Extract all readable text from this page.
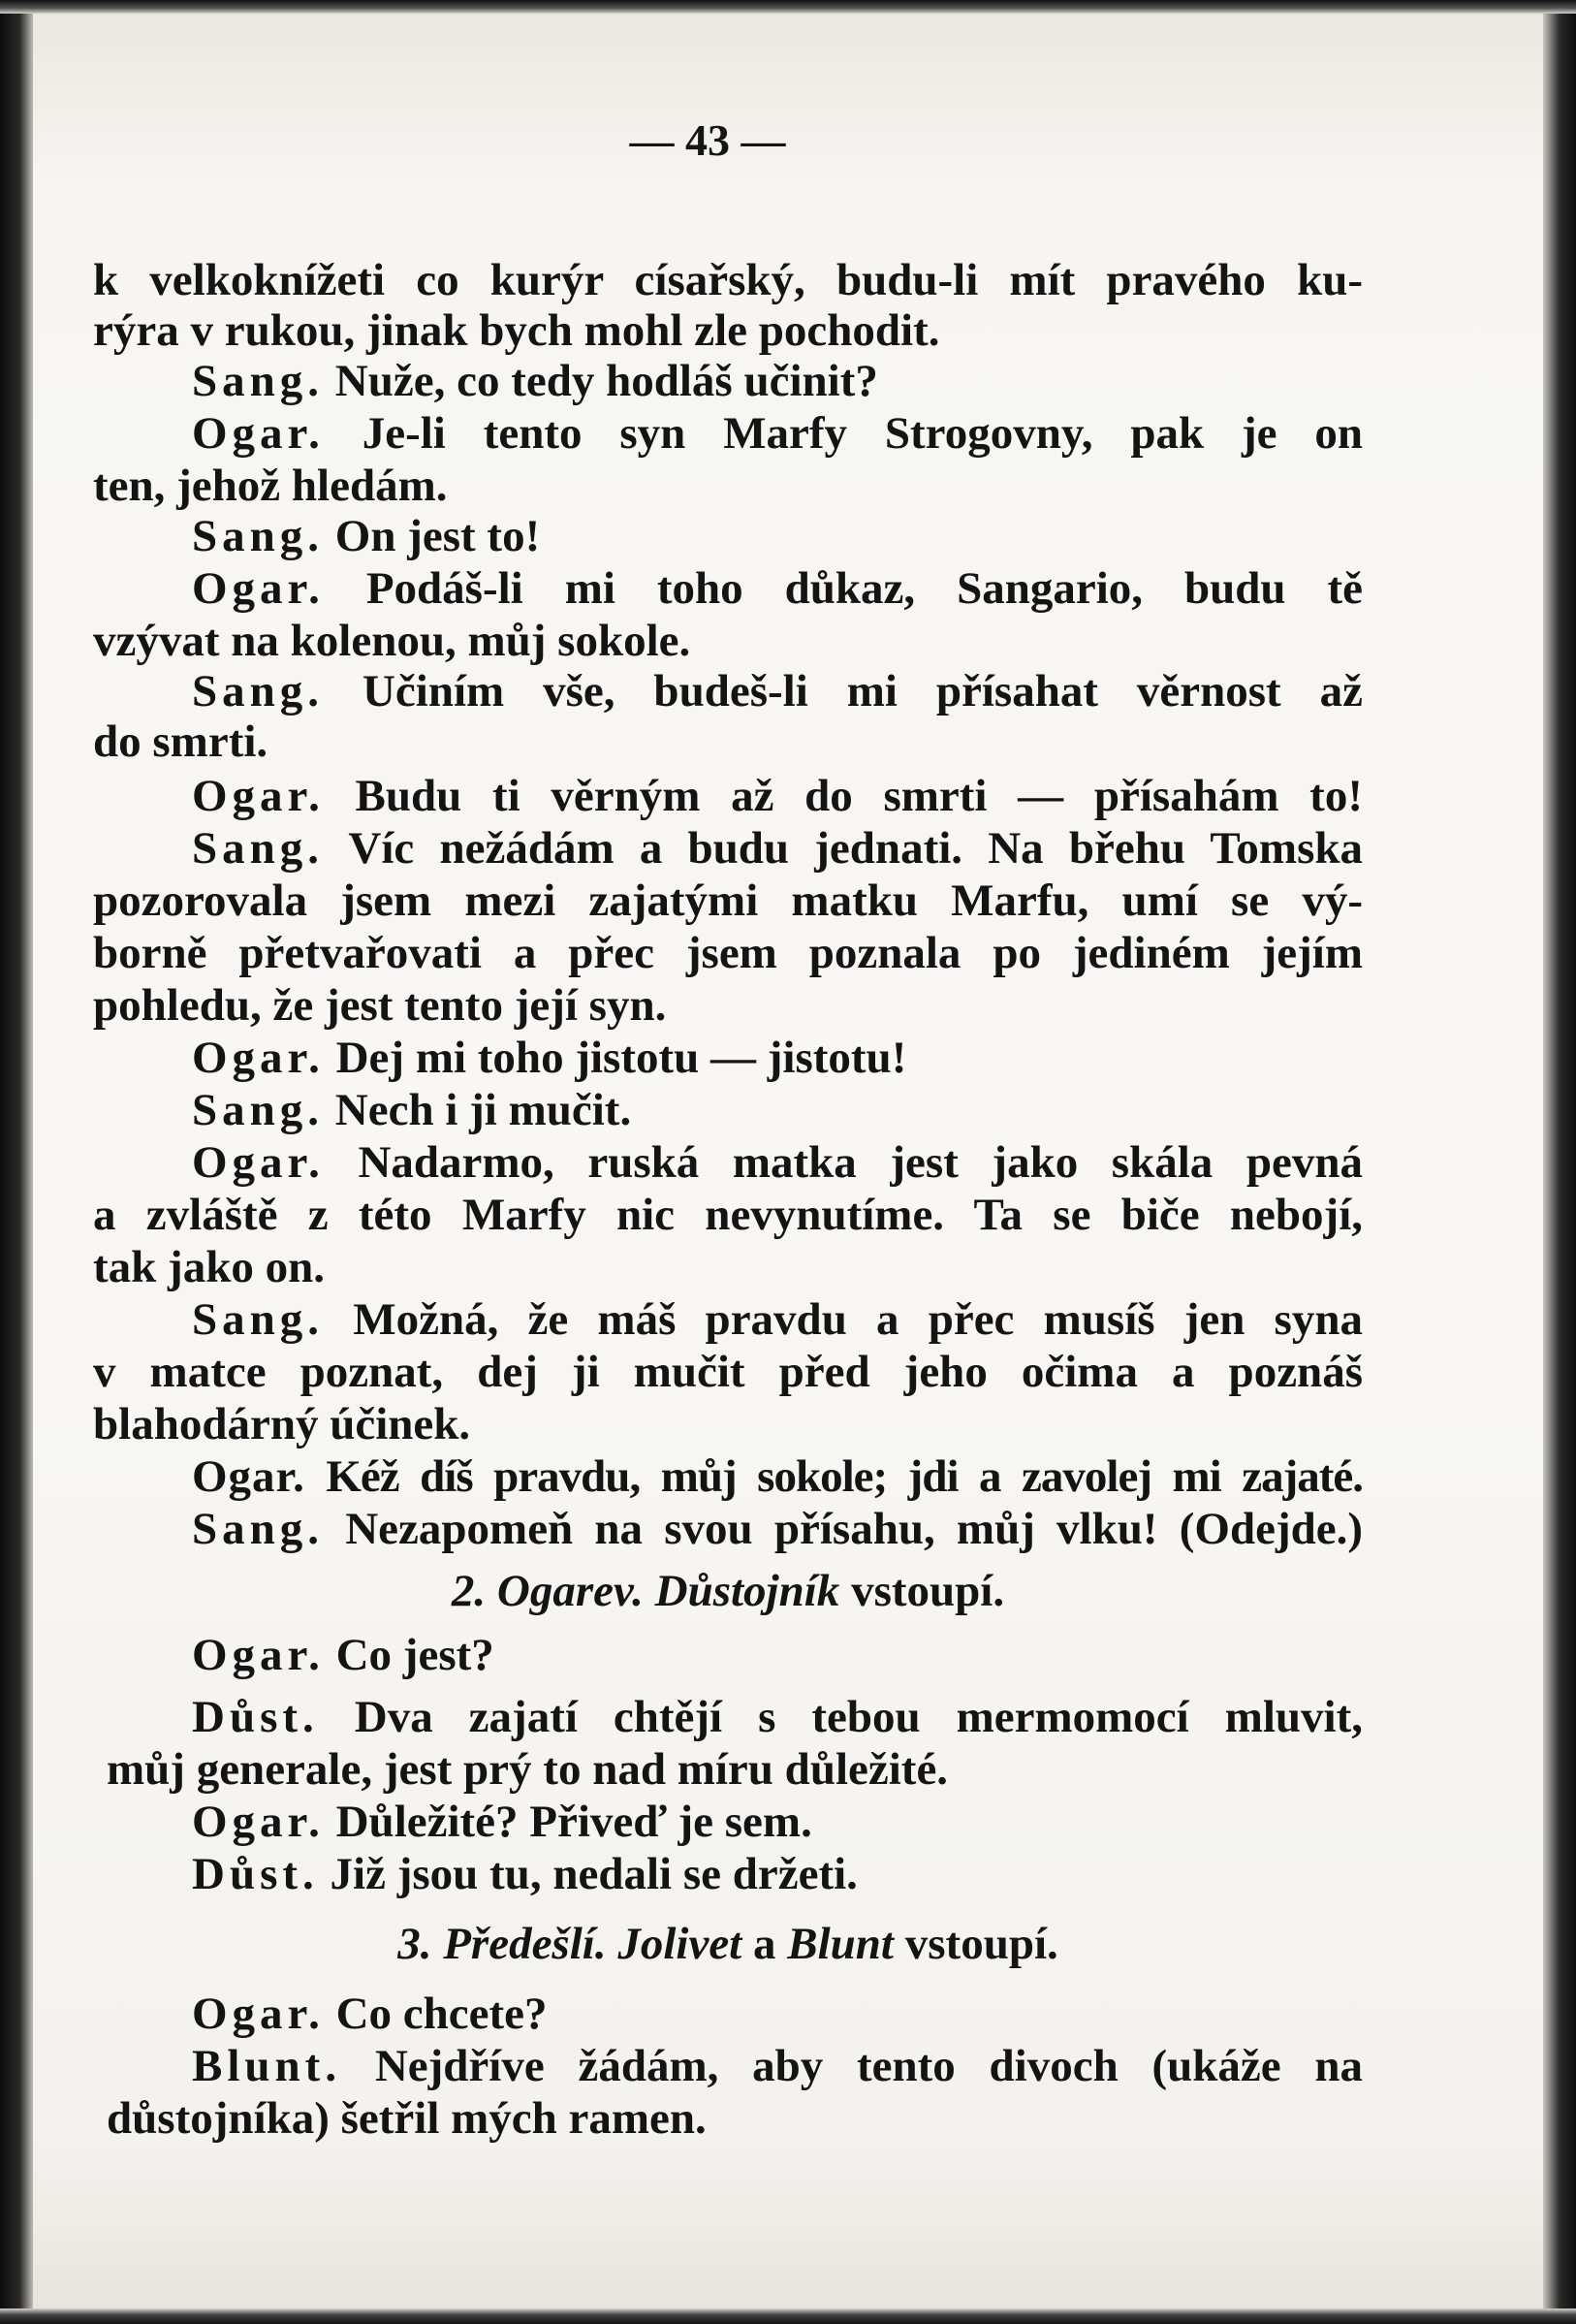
— 43 —
k velkoknížeti co kurýr císařský, budu-li mít pravého ku-
rýra v rukou, jinak bych mohl zle pochodit.
Sang. Nuže, co tedy hodláš učinit?
Ogar. Je-li tento syn Marfy Strogovny, pak je on
ten, jehož hledám.
Sang. On jest to!
Ogar. Podáš-li mi toho důkaz, Sangario, budu tě
vzývat na kolenou, můj sokole.
Sang. Učiním vše, budeš-li mi přísahat věrnost až
do smrti.
Ogar. Budu ti věrným až do smrti — přísahám to!
Sang. Víc nežádám a budu jednati. Na břehu Tomska
pozorovala jsem mezi zajatými matku Marfu, umí se vý-
borně přetvařovati a přec jsem poznala po jediném jejím
pohledu, že jest tento její syn.
Ogar. Dej mi toho jistotu — jistotu!
Sang. Nech i ji mučit.
Ogar. Nadarmo, ruská matka jest jako skála pevná
a zvláště z této Marfy nic nevynutíme. Ta se biče nebojí,
tak jako on.
Sang. Možná, že máš pravdu a přec musíš jen syna
v matce poznat, dej ji mučit před jeho očima a poznáš
blahodárný účinek.
Ogar. Kéž díš pravdu, můj sokole; jdi a zavolej mi zajaté.
Sang. Nezapomeň na svou přísahu, můj vlku! (Odejde.)
2. Ogarev. Důstojník vstoupí.
Ogar. Co jest?
Důst. Dva zajatí chtějí s tebou mermomocí mluvit,
můj generale, jest prý to nad míru důležité.
Ogar. Důležité? Přiveď je sem.
Důst. Již jsou tu, nedali se držeti.
3. Předešlí. Jolivet a Blunt vstoupí.
Ogar. Co chcete?
Blunt. Nejdříve žádám, aby tento divoch (ukáže na
důstojníka) šetřil mých ramen.
